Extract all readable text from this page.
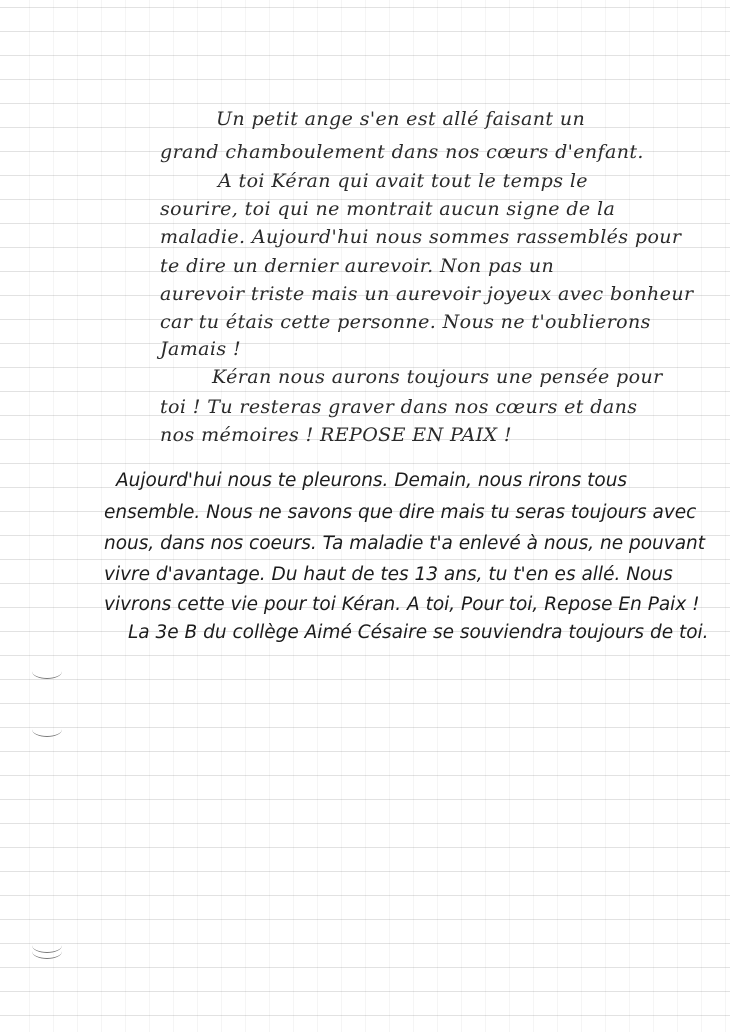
Un petit ange s'en est allé faisant un
grand chamboulement dans nos cœurs d'enfant.
A toi Kéran qui avait tout le temps le
sourire, toi qui ne montrait aucun signe de la
maladie. Aujourd'hui nous sommes rassemblés pour
te dire un dernier aurevoir. Non pas un
aurevoir triste mais un aurevoir joyeux avec bonheur
car tu étais cette personne. Nous ne t'oublierons
Jamais !
Kéran nous aurons toujours une pensée pour
toi ! Tu resteras graver dans nos cœurs et dans
nos mémoires ! REPOSE EN PAIX !
Aujourd'hui nous te pleurons. Demain, nous rirons tous
ensemble. Nous ne savons que dire mais tu seras toujours avec
nous, dans nos coeurs. Ta maladie t'a enlevé à nous, ne pouvant
vivre d'avantage. Du haut de tes 13 ans, tu t'en es allé. Nous
vivrons cette vie pour toi Kéran. A toi, Pour toi, Repose En Paix !
La 3e B du collège Aimé Césaire se souviendra toujours de toi.
